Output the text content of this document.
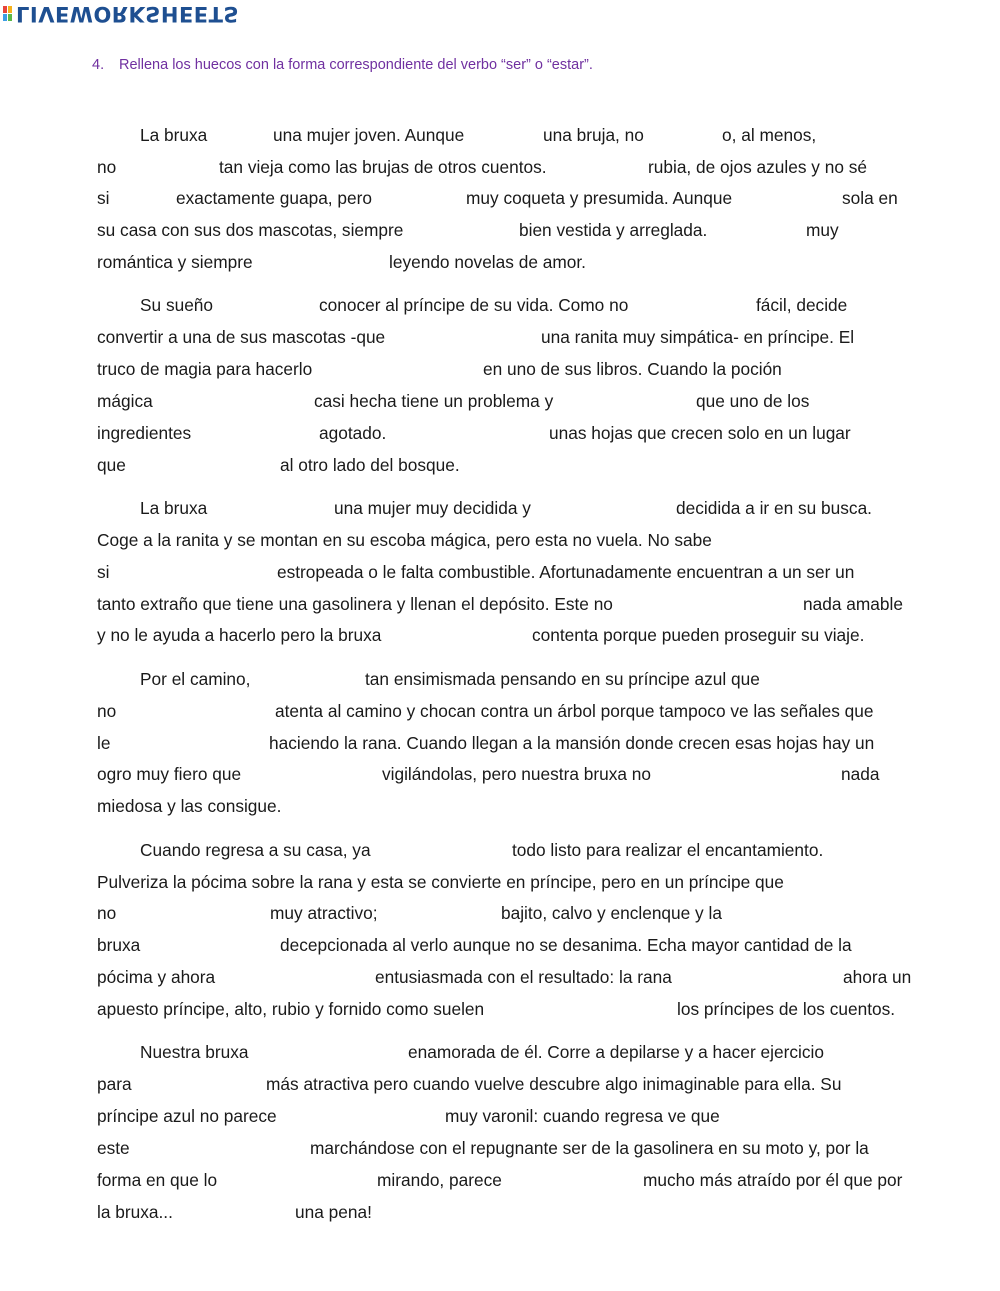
LIVEWORKSHEETS
4. Rellena los huecos con la forma correspondiente del verbo “ser” o “estar”.
La bruxa	una mujer joven. Aunque	una bruja, no	o, al menos,
no	tan vieja como las brujas de otros cuentos.	rubia, de ojos azules y no sé
si	exactamente guapa, pero	muy coqueta y presumida. Aunque	sola en
su casa con sus dos mascotas, siempre	bien vestida y arreglada.	muy
romántica y siempre	leyendo novelas de amor.
Su sueño	conocer al príncipe de su vida. Como no	fácil, decide
convertir a una de sus mascotas -que	una ranita muy simpática- en príncipe. El
truco de magia para hacerlo	en uno de sus libros. Cuando la poción
mágica	casi hecha tiene un problema y	que uno de los
ingredientes	agotado.	unas hojas que crecen solo en un lugar
que	al otro lado del bosque.
La bruxa	una mujer muy decidida y	decidida a ir en su busca.
Coge a la ranita y se montan en su escoba mágica, pero esta no vuela. No sabe
si	estropeada o le falta combustible. Afortunadamente encuentran a un ser un
tanto extraño que tiene una gasolinera y llenan el depósito. Este no	nada amable
y no le ayuda a hacerlo pero la bruxa	contenta porque pueden proseguir su viaje.
Por el camino,	tan ensimismada pensando en su príncipe azul que
no	atenta al camino y chocan contra un árbol porque tampoco ve las señales que
le	haciendo la rana. Cuando llegan a la mansión donde crecen esas hojas hay un
ogro muy fiero que	vigilándolas, pero nuestra bruxa no	nada
miedosa y las consigue.
Cuando regresa a su casa, ya	todo listo para realizar el encantamiento.
Pulveriza la pócima sobre la rana y esta se convierte en príncipe, pero en un príncipe que
no	muy atractivo;	bajito, calvo y enclenque y la
bruxa	decepcionada al verlo aunque no se desanima. Echa mayor cantidad de la
pócima y ahora	entusiasmada con el resultado: la rana	ahora un
apuesto príncipe, alto, rubio y fornido como suelen	los príncipes de los cuentos.
Nuestra bruxa	enamorada de él. Corre a depilarse y a hacer ejercicio
para	más atractiva pero cuando vuelve descubre algo inimaginable para ella. Su
príncipe azul no parece	muy varonil: cuando regresa ve que
este	marchándose con el repugnante ser de la gasolinera en su moto y, por la
forma en que lo	mirando, parece	mucho más atraído por él que por
la bruxa...	una pena!
